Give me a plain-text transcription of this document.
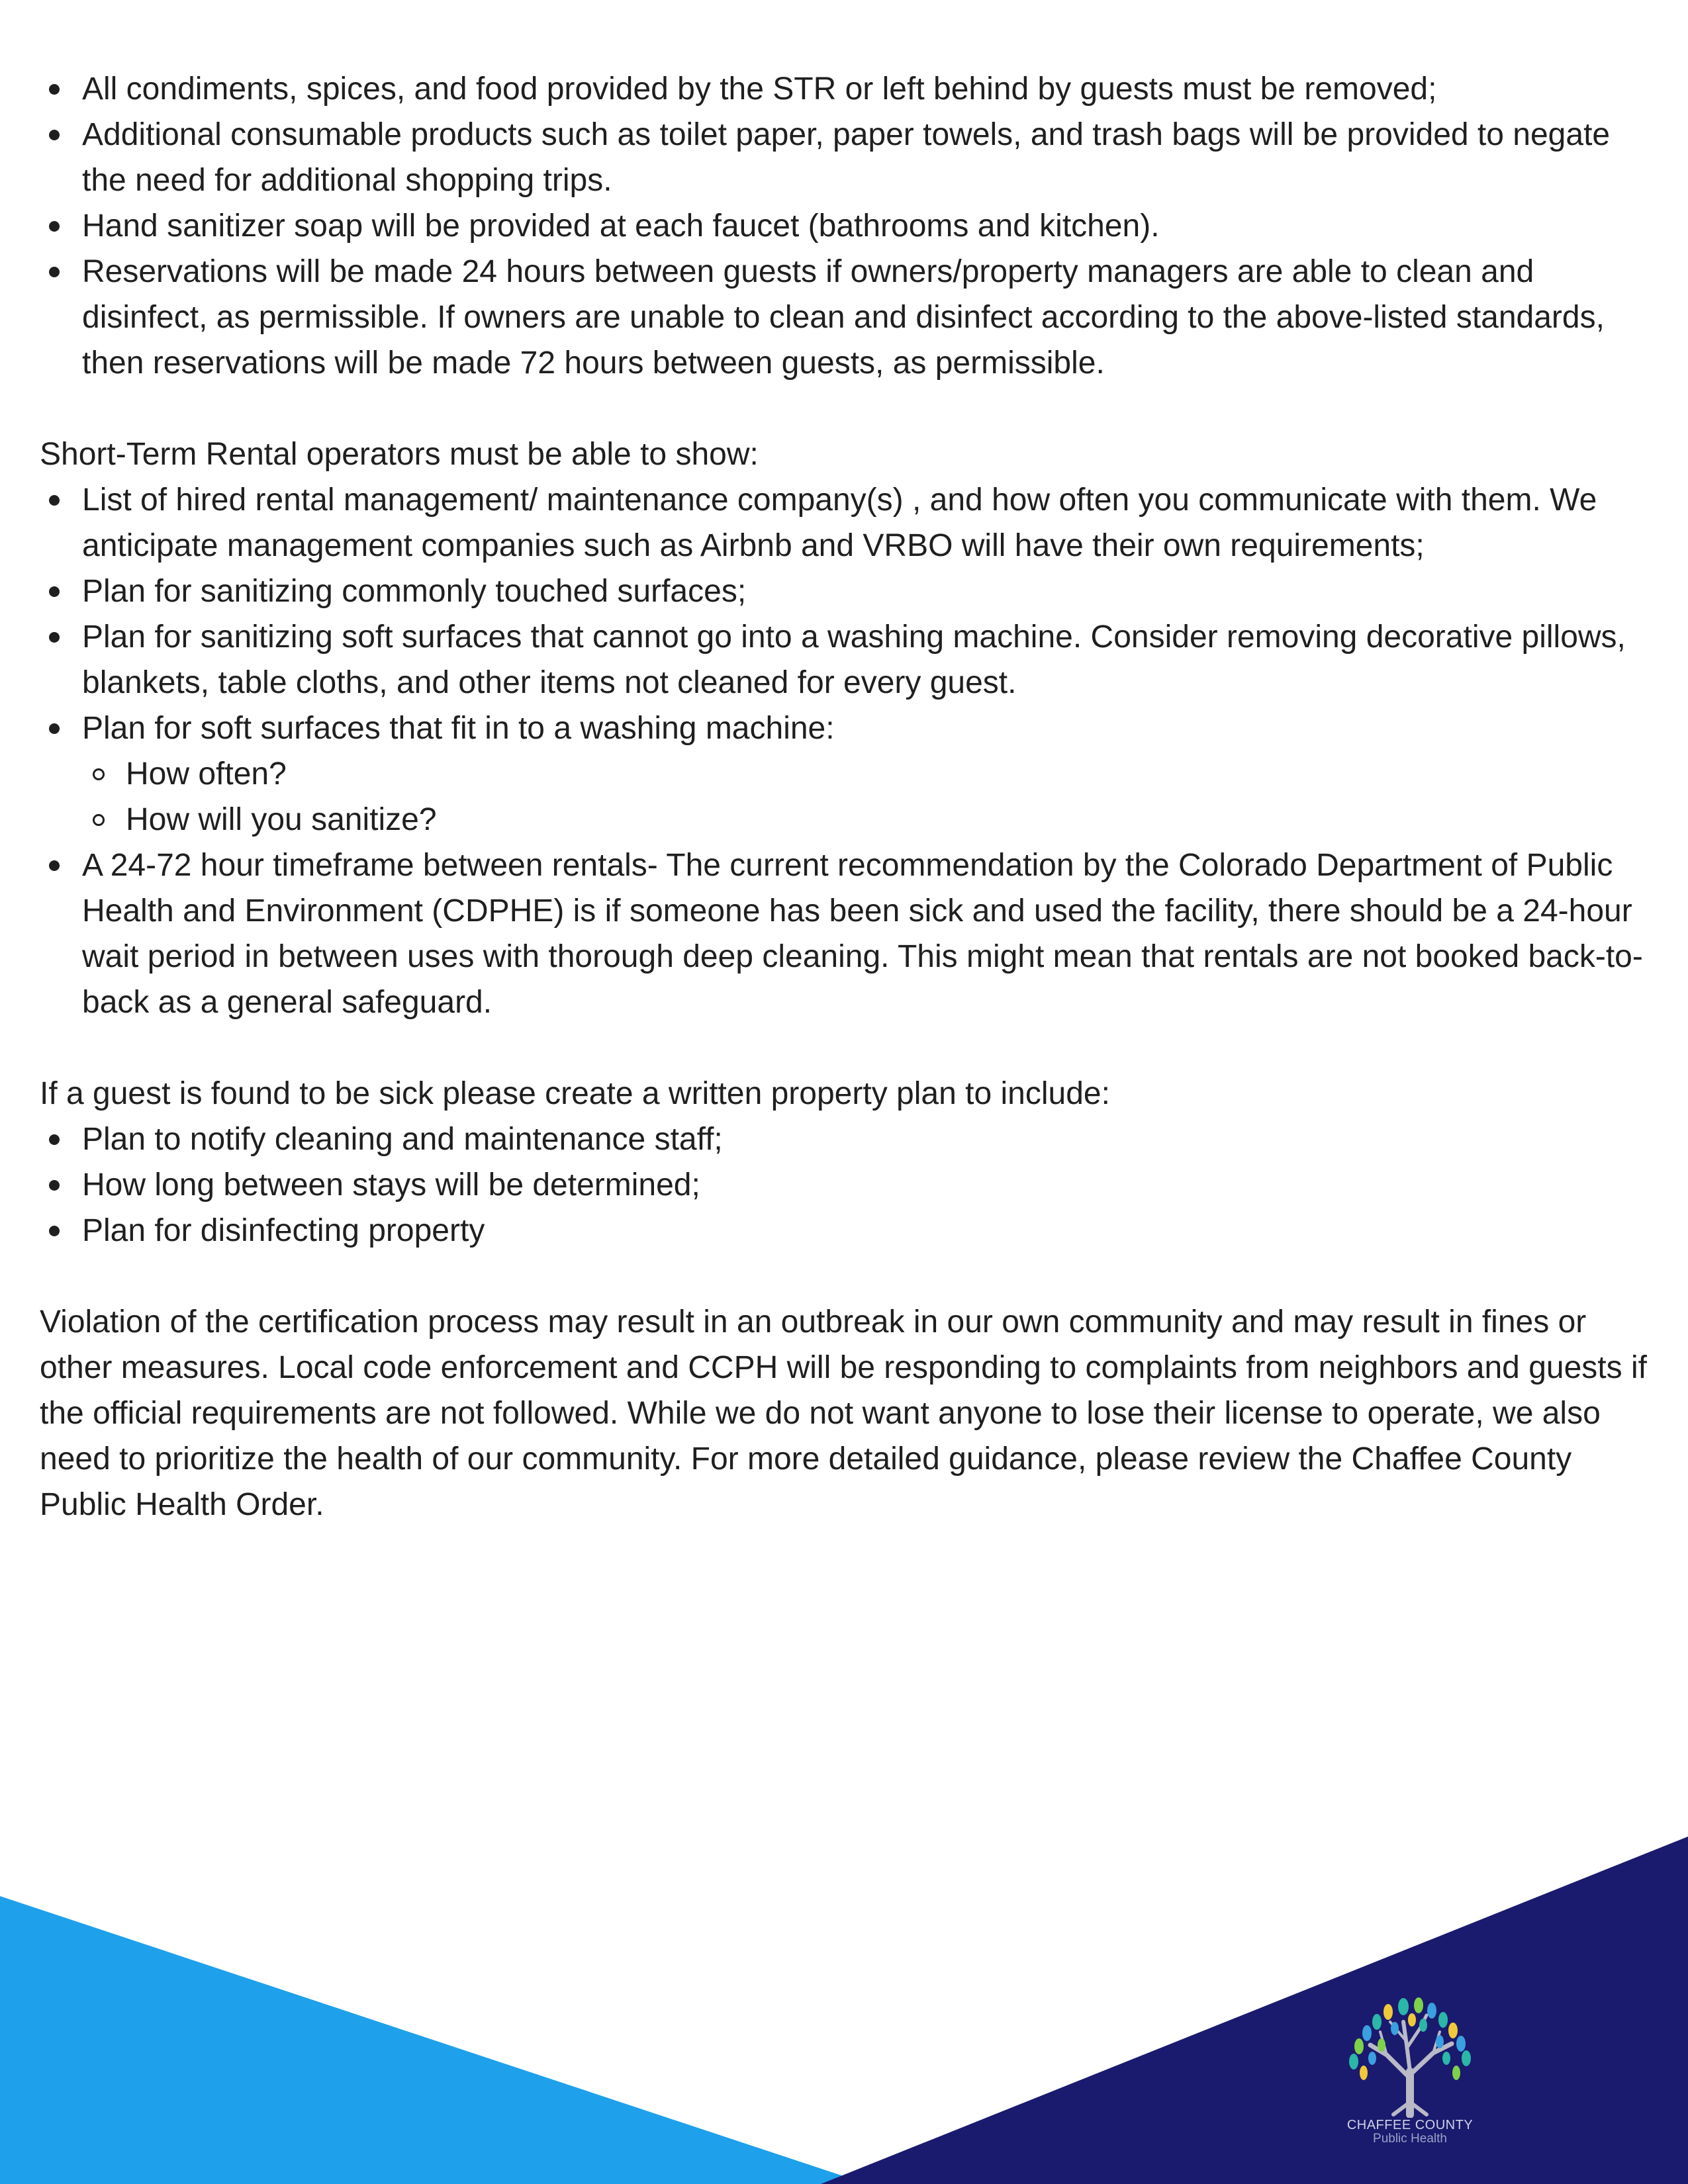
All condiments, spices, and food provided by the STR or left behind by guests must be removed;
Additional consumable products such as toilet paper, paper towels, and trash bags will be provided to negate the need for additional shopping trips.
Hand sanitizer soap will be provided at each faucet (bathrooms and kitchen).
Reservations will be made 24 hours between guests if owners/property managers are able to clean and disinfect, as permissible. If owners are unable to clean and disinfect according to the above-listed standards, then reservations will be made 72 hours between guests, as permissible.

Short-Term Rental operators must be able to show:

List of hired rental management/ maintenance company(s) , and how often you communicate with them. We anticipate management companies such as Airbnb and VRBO will have their own requirements;
Plan for sanitizing commonly touched surfaces;
Plan for sanitizing soft surfaces that cannot go into a washing machine. Consider removing decorative pillows, blankets, table cloths, and other items not cleaned for every guest.
Plan for soft surfaces that fit in to a washing machine:
How often?
How will you sanitize?
A 24-72 hour timeframe between rentals- The current recommendation by the Colorado Department of Public Health and Environment (CDPHE) is if someone has been sick and used the facility, there should be a 24-hour wait period in between uses with thorough deep cleaning. This might mean that rentals are not booked back-to-back as a general safeguard.

If a guest is found to be sick please create a written property plan to include:

Plan to notify cleaning and maintenance staff;
How long between stays will be determined;
Plan for disinfecting property

Violation of the certification process may result in an outbreak in our own community and may result in fines or other measures. Local code enforcement and CCPH will be responding to complaints from neighbors and guests if the official requirements are not followed. While we do not want anyone to lose their license to operate, we also need to prioritize the health of our community. For more detailed guidance, please review the Chaffee County Public Health Order.

CHAFFEE COUNTY
Public Health
